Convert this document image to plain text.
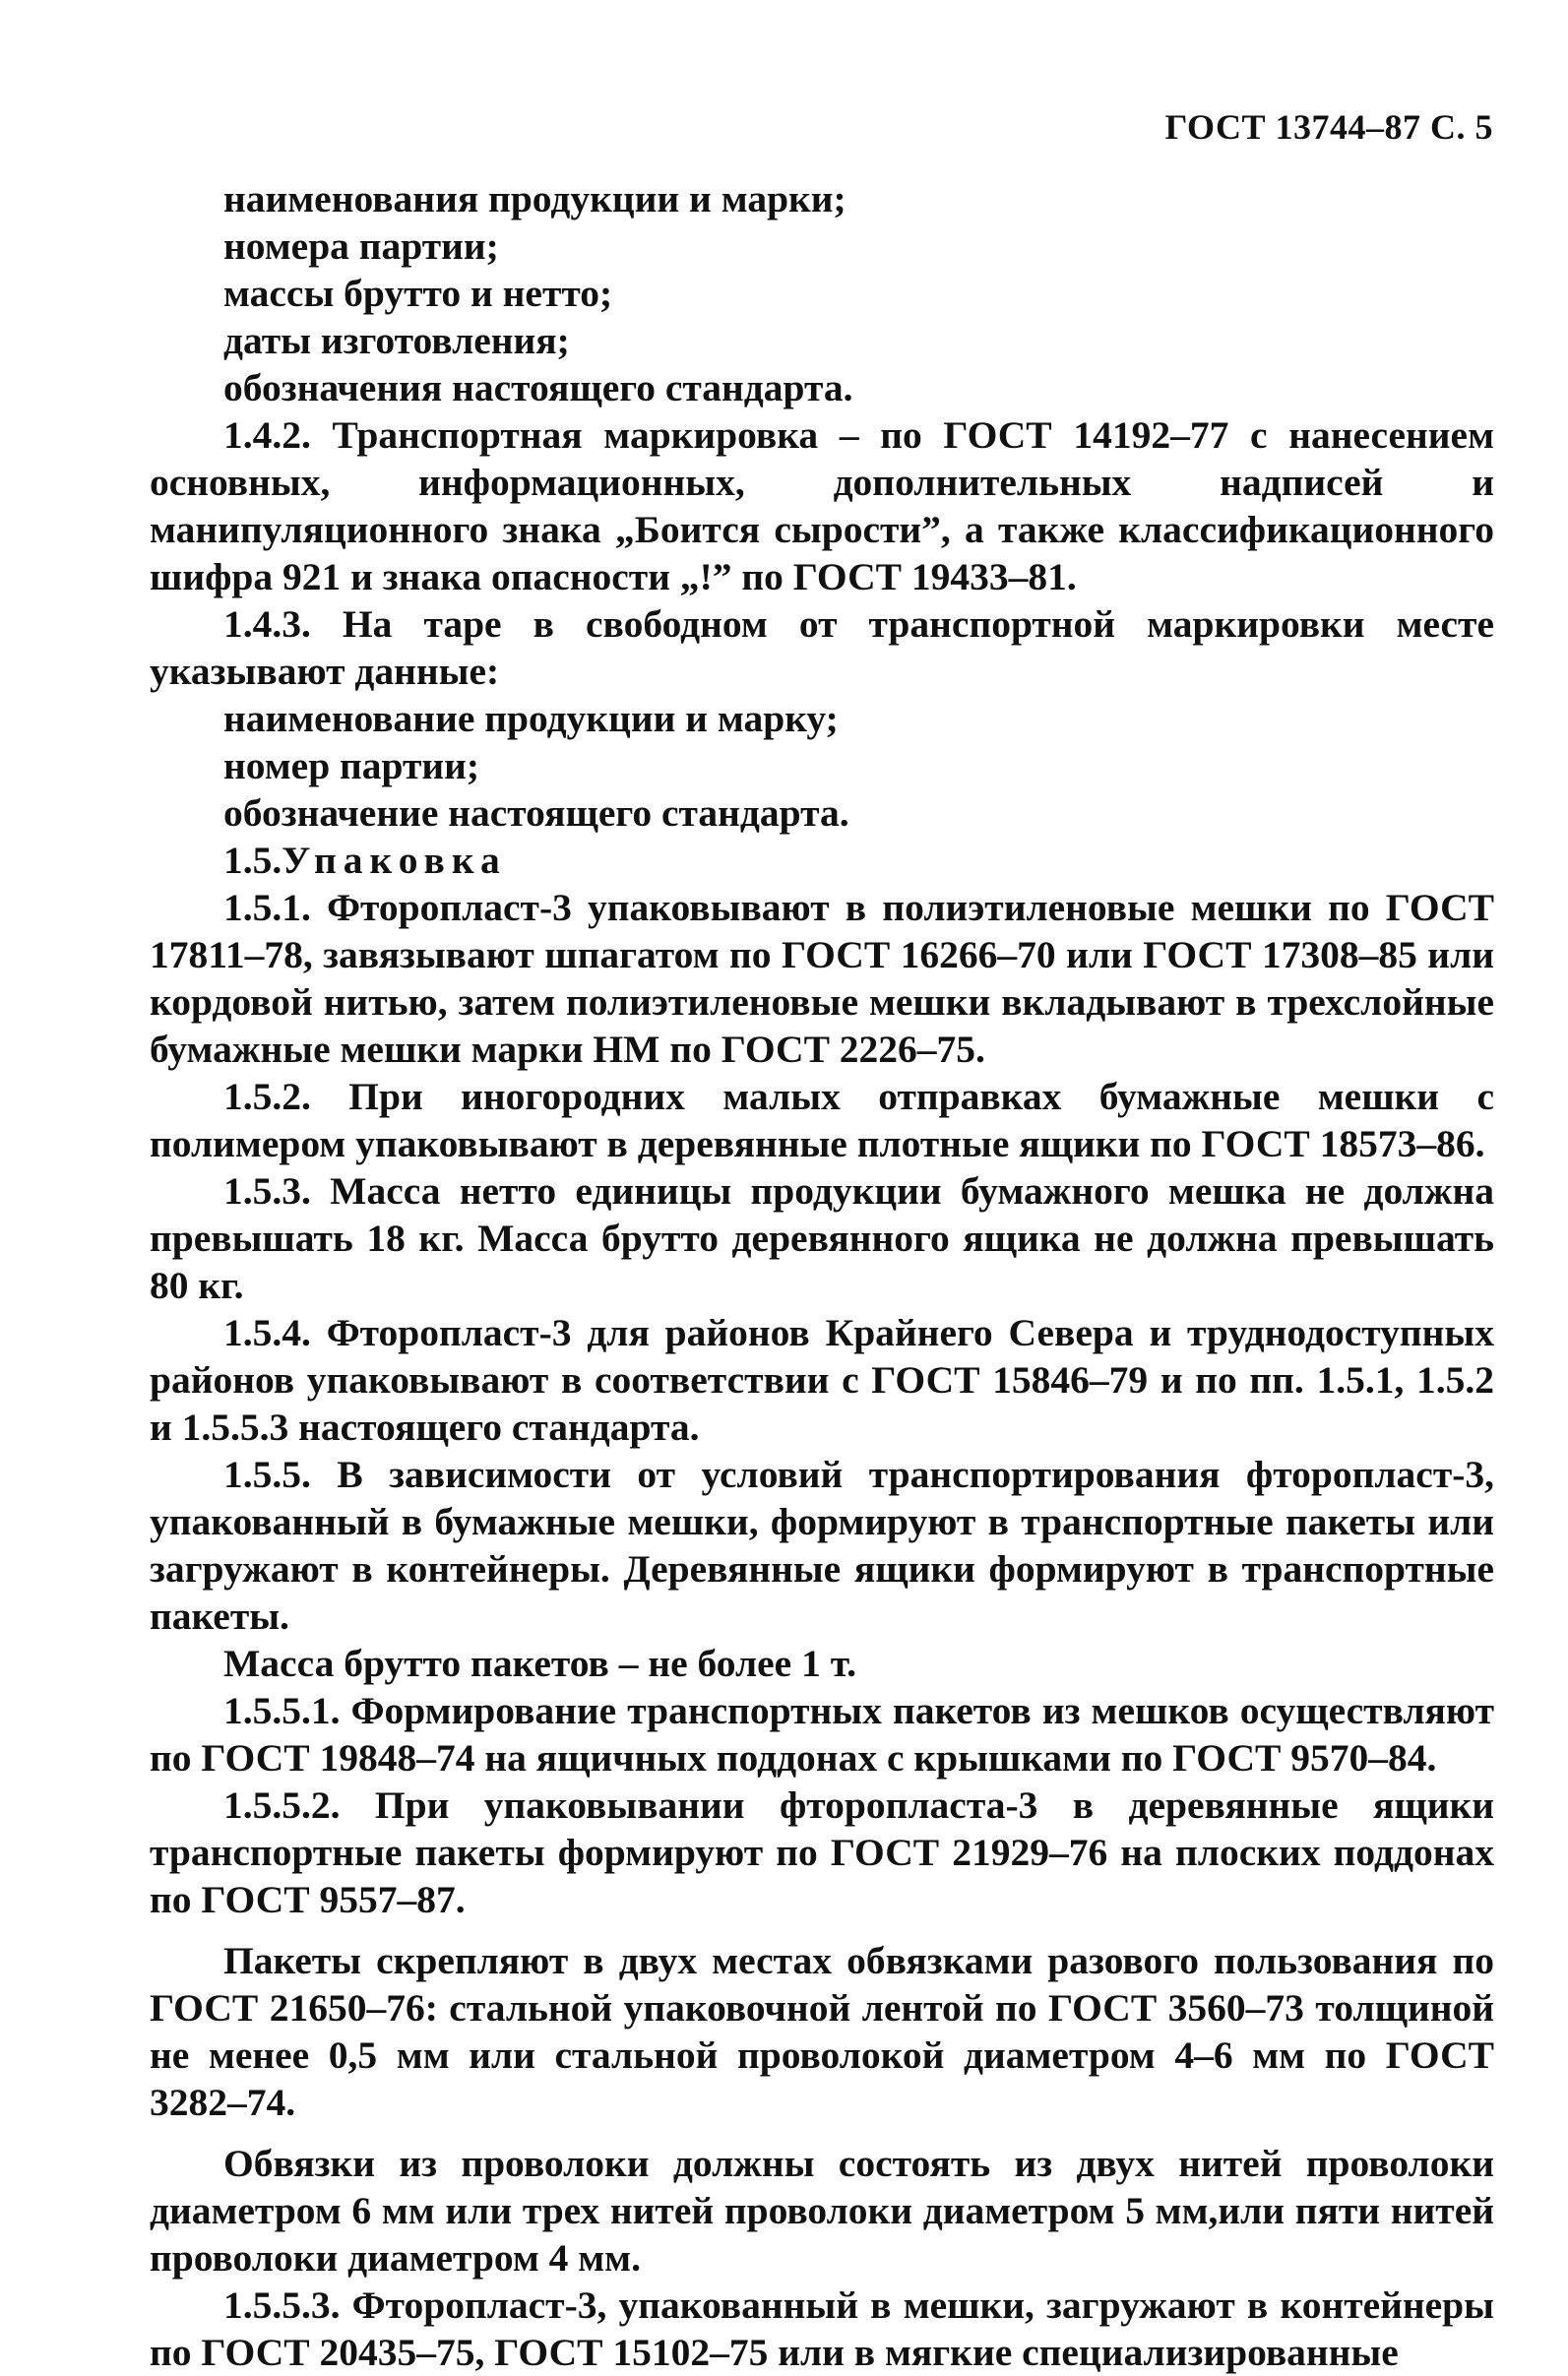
ГОСТ 13744–87 С. 5

наименования продукции и марки;

номера партии;

массы брутто и нетто;

даты изготовления;

обозначения настоящего стандарта.

1.4.2. Транспортная маркировка – по ГОСТ 14192–77 с нанесением основных, информационных, дополнительных надписей и манипуляционного знака „Боится сырости”, а также классификационного шифра 921 и знака опасности „!” по ГОСТ 19433–81.

1.4.3. На таре в свободном от транспортной маркировки месте указывают данные:

наименование продукции и марку;

номер партии;

обозначение настоящего стандарта.

1.5.Упаковка

1.5.1. Фторопласт-3 упаковывают в полиэтиленовые мешки по ГОСТ 17811–78, завязывают шпагатом по ГОСТ 16266–70 или ГОСТ 17308–85 или кордовой нитью, затем полиэтиленовые мешки вкладывают в трехслойные бумажные мешки марки НМ по ГОСТ 2226–75.

1.5.2. При иногородних малых отправках бумажные мешки с полимером упаковывают в деревянные плотные ящики по ГОСТ 18573–86.

1.5.3. Масса нетто единицы продукции бумажного мешка не должна превышать 18 кг. Масса брутто деревянного ящика не должна превышать 80 кг.

1.5.4. Фторопласт-3 для районов Крайнего Севера и труднодоступных районов упаковывают в соответствии с ГОСТ 15846–79 и по пп. 1.5.1, 1.5.2 и 1.5.5.3 настоящего стандарта.

1.5.5. В зависимости от условий транспортирования фторопласт-3, упакованный в бумажные мешки, формируют в транспортные пакеты или загружают в контейнеры. Деревянные ящики формируют в транспортные пакеты.

Масса брутто пакетов – не более 1 т.

1.5.5.1. Формирование транспортных пакетов из мешков осуществляют по ГОСТ 19848–74 на ящичных поддонах с крышками по ГОСТ 9570–84.

1.5.5.2. При упаковывании фторопласта-3 в деревянные ящики транспортные пакеты формируют по ГОСТ 21929–76 на плоских поддонах по ГОСТ 9557–87.

Пакеты скрепляют в двух местах обвязками разового пользования по ГОСТ 21650–76: стальной упаковочной лентой по ГОСТ 3560–73 толщиной не менее 0,5 мм или стальной проволокой диаметром 4–6 мм по ГОСТ 3282–74.

Обвязки из проволоки должны состоять из двух нитей проволоки диаметром 6 мм или трех нитей проволоки диаметром 5 мм,или пяти нитей проволоки диаметром 4 мм.

1.5.5.3. Фторопласт-3, упакованный в мешки, загружают в контейнеры по ГОСТ 20435–75, ГОСТ 15102–75 или в мягкие специализированные
